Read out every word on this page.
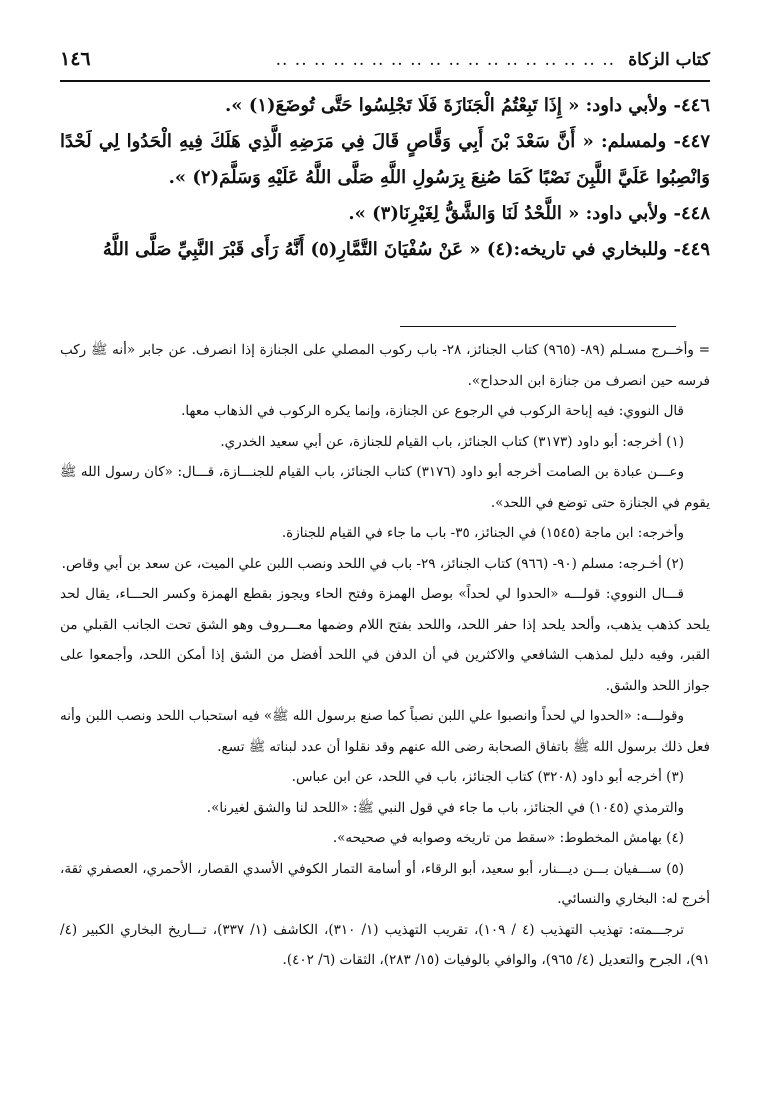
كتاب الزكاة
.. .. .. .. .. .. .. .. .. .. .. .. .. .. .. .. .. ..
١٤٦

٤٤٦- ولأبي داود: « إِذَا تَبِعْتُمُ الْجَنَازَةَ فَلَا تَجْلِسُوا حَتَّى تُوضَعَ(١) ».

٤٤٧- ولمسلم: « أَنَّ سَعْدَ بْنَ أَبِي وَقَّاصٍ قَالَ فِي مَرَضِهِ الَّذِي هَلَكَ فِيهِ الْحَدُوا لِي لَحْدًا وَانْصِبُوا عَلَيَّ اللَّبِنَ نَصْبًا كَمَا صُنِعَ بِرَسُولِ اللَّهِ صَلَّى اللَّهُ عَلَيْهِ وَسَلَّمَ(٢) ».

٤٤٨- ولأبي داود: « اللَّحْدُ لَنَا وَالشَّقُّ لِغَيْرِنَا(٣) ».

٤٤٩- وللبخاري في تاريخه:(٤) « عَنْ سُفْيَانَ التَّمَّارِ(٥) أَنَّهُ رَأَى قَبْرَ النَّبِيِّ صَلَّى اللَّهُ

= وأخــرج مسـلم (٨٩- (٩٦٥) كتاب الجنائز، ٢٨- باب ركوب المصلي على الجنازة إذا انصرف. عن جابر «أنه ﷺ ركب فرسه حين انصرف من جنازة ابن الدحداح».

قال النووي: فيه إباحة الركوب في الرجوع عن الجنازة، وإنما يكره الركوب في الذهاب معها.

(١) أخرجه: أبو داود (٣١٧٣) كتاب الجنائز، باب القيام للجنازة، عن أبي سعيد الخدري.

وعـــن عبادة بن الصامت أخرجه أبو داود (٣١٧٦) كتاب الجنائز، باب القيام للجنـــازة، قـــال: «كان رسول الله ﷺ يقوم في الجنازة حتى توضع في اللحد».

وأخرجه: ابن ماجة (١٥٤٥) في الجنائز، ٣٥- باب ما جاء في القيام للجنازة.

(٢) أخـرجه: مسلم (٩٠- (٩٦٦) كتاب الجنائز، ٢٩- باب في اللحد ونصب اللبن علي الميت، عن سعد بن أبي وقاص.

قـــال النووي: قولـــه «الحدوا لي لحداً» بوصل الهمزة وفتح الحاء ويجوز بقطع الهمزة وكسر الحـــاء، يقال لحد يلحد كذهب يذهب، وألحد يلحد إذا حفر اللحد، واللحد بفتح اللام وضمها معـــروف وهو الشق تحت الجانب القبلي من القبر، وفيه دليل لمذهب الشافعي والاكثرين في أن الدفن في اللحد أفضل من الشق إذا أمكن اللحد، وأجمعوا على جواز اللحد والشق.

وقولـــه: «الحدوا لي لحداً وانصبوا علي اللبن نصباً كما صنع برسول الله ﷺ» فيه استحباب اللحد ونصب اللبن وأنه فعل ذلك برسول الله ﷺ باتفاق الصحابة رضى الله عنهم وقد نقلوا أن عدد لبناته ﷺ تسع.

(٣) أخرجه أبو داود (٣٢٠٨) كتاب الجنائز، باب في اللحد، عن ابن عباس.

والترمذي (١٠٤٥) في الجنائز، باب ما جاء في قول النبي ﷺ: «اللحد لنا والشق لغيرنا».

(٤) بهامش المخطوط: «سقط من تاريخه وصوابه في صحيحه».

(٥) ســـفيان بـــن ديـــنار، أبو سعيد، أبو الرقاء، أو أسامة التمار الكوفي الأسدي القصار، الأحمري، العصفري ثقة، أخرج له: البخاري والنسائي.

ترجـــمته: تهذيب التهذيب (٤ / ١٠٩)، تقريب التهذيب (١/ ٣١٠)، الكاشف (١/ ٣٣٧)، تـــاريخ البخاري الكبير (٤/ ٩١)، الجرح والتعديل (٤/ ٩٦٥)، والوافي بالوفيات (١٥/ ٢٨٣)، الثقات (٦/ ٤٠٢).
